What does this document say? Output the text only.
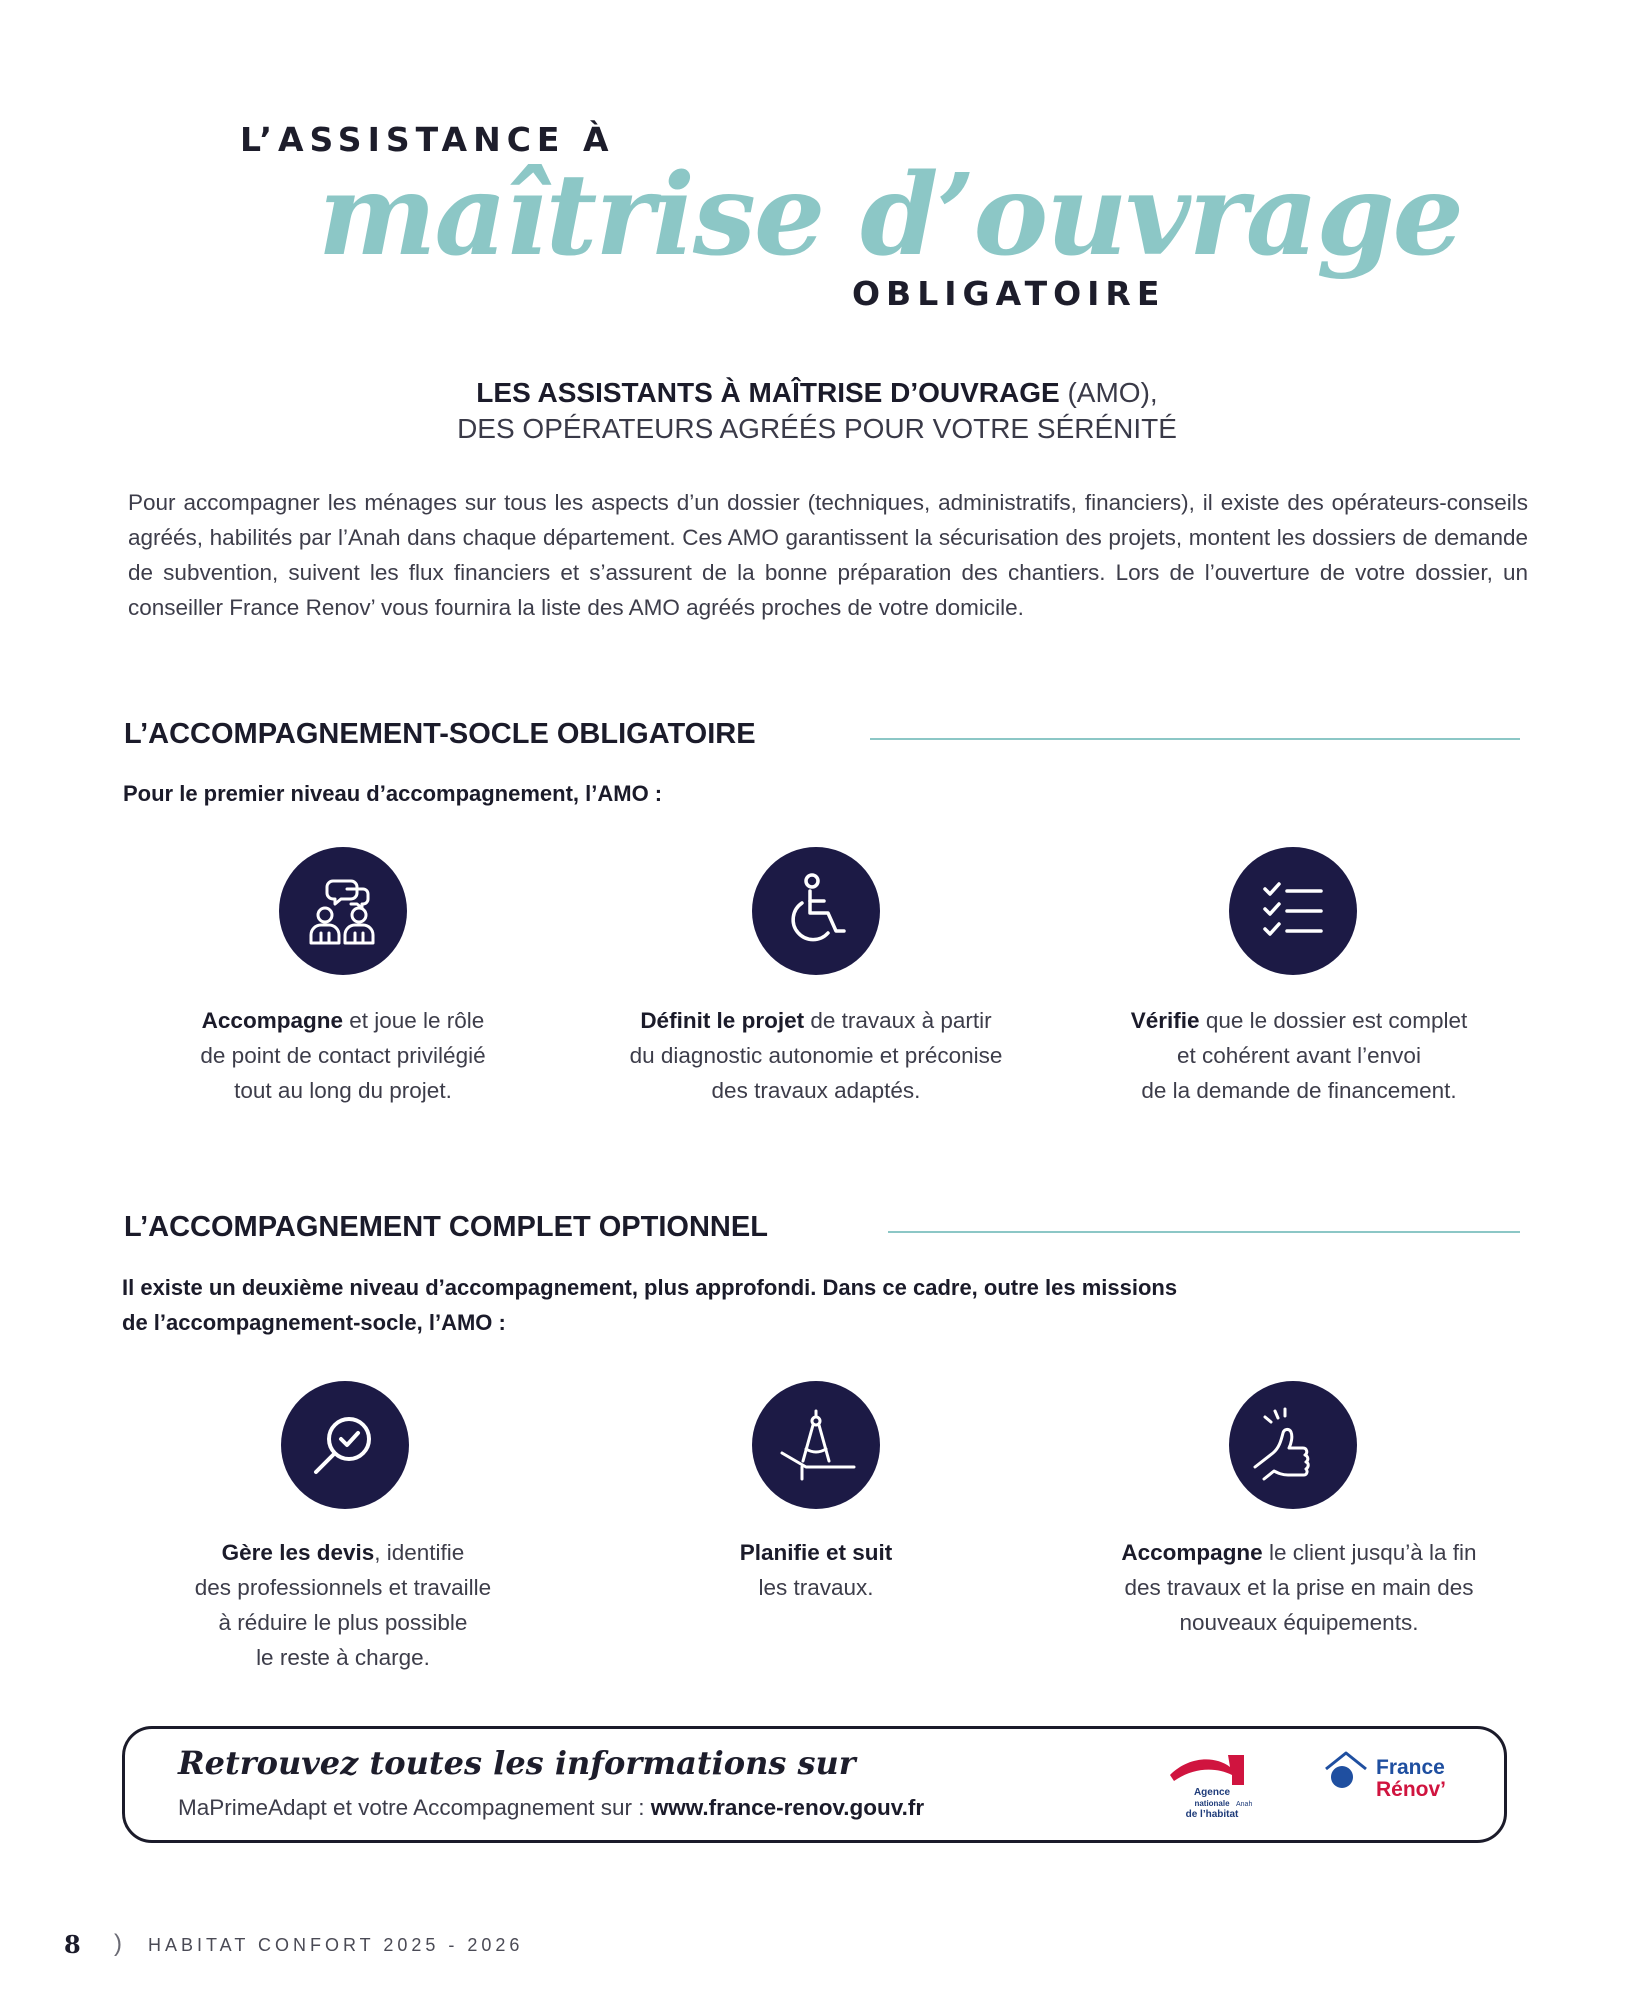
L’ASSISTANCE À
maîtrise d’ouvrage
OBLIGATOIRE
LES ASSISTANTS À MAÎTRISE D’OUVRAGE (AMO),
DES OPÉRATEURS AGRÉÉS POUR VOTRE SÉRÉNITÉ
Pour accompagner les ménages sur tous les aspects d’un dossier (techniques, administratifs, financiers), il existe des opérateurs-conseils agréés, habilités par l’Anah dans chaque département. Ces AMO garantissent la sécurisation des projets, montent les dossiers de demande de subvention, suivent les flux financiers et s’assurent de la bonne préparation des chantiers. Lors de l’ouverture de votre dossier, un conseiller France Renov’ vous fournira la liste des AMO agréés proches de votre domicile.
L’ACCOMPAGNEMENT-SOCLE OBLIGATOIRE
Pour le premier niveau d’accompagnement, l’AMO :
Accompagne et joue le rôle
de point de contact privilégié
tout au long du projet.
Définit le projet de travaux à partir
du diagnostic autonomie et préconise
des travaux adaptés.
Vérifie que le dossier est complet
et cohérent avant l’envoi
de la demande de financement.
L’ACCOMPAGNEMENT COMPLET OPTIONNEL
Il existe un deuxième niveau d’accompagnement, plus approfondi. Dans ce cadre, outre les missions
de l’accompagnement-socle, l’AMO :
Gère les devis, identifie
des professionnels et travaille
à réduire le plus possible
le reste à charge.
Planifie et suit
les travaux.
Accompagne le client jusqu’à la fin
des travaux et la prise en main des
nouveaux équipements.
Retrouvez toutes les informations sur
MaPrimeAdapt et votre Accompagnement sur : www.france-renov.gouv.fr
Agence
nationale
de l’habitat
Anah
France
Rénov’
8 ) HABITAT CONFORT 2025 - 2026
